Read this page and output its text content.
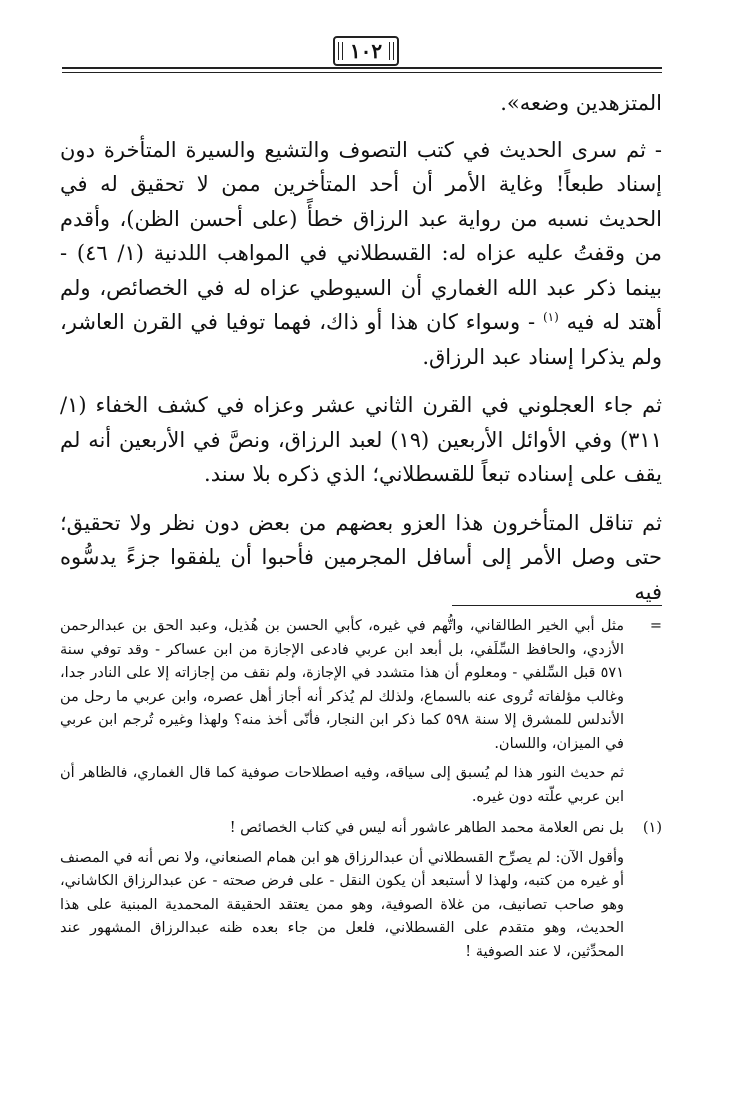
١٠٢

المتزهدين وضعه».

- ثم سرى الحديث في كتب التصوف والتشيع والسيرة المتأخرة دون إسناد طبعاً! وغاية الأمر أن أحد المتأخرين ممن لا تحقيق له في الحديث نسبه من رواية عبد الرزاق خطأً (على أحسن الظن)، وأقدم من وقفتُ عليه عزاه له: القسطلاني في المواهب اللدنية (١/ ٤٦) - بينما ذكر عبد الله الغماري أن السيوطي عزاه له في الخصائص، ولم أهتد له فيه $^{(١)}$ - وسواء كان هذا أو ذاك، فهما توفيا في القرن العاشر، ولم يذكرا إسناد عبد الرزاق.

ثم جاء العجلوني في القرن الثاني عشر وعزاه في كشف الخفاء (١/ ٣١١) وفي الأوائل الأربعين (١٩) لعبد الرزاق، ونصَّ في الأربعين أنه لم يقف على إسناده تبعاً للقسطلاني؛ الذي ذكره بلا سند.

ثم تناقل المتأخرون هذا العزو بعضهم من بعض دون نظر ولا تحقيق؛ حتى وصل الأمر إلى أسافل المجرمين فأحبوا أن يلفقوا جزءً يدسُّوه فيه

=

مثل أبي الخير الطالقاني، واتُّهم في غيره، كأبي الحسن بن هُذيل، وعبد الحق بن عبدالرحمن الأزدي، والحافظ السِّلَفي، بل أبعد ابن عربي فادعى الإجازة من ابن عساكر - وقد توفي سنة ٥٧١ قبل السِّلفي - ومعلوم أن هذا متشدد في الإجازة، ولم نقف من إجازاته إلا على النادر جدا، وغالب مؤلفاته تُروى عنه بالسماع، ولذلك لم يُذكر أنه أجاز أهل عصره، وابن عربي ما رحل من الأندلس للمشرق إلا سنة ٥٩٨ كما ذكر ابن النجار، فأنّى أخذ منه؟ ولهذا وغيره تُرجم ابن عربي في الميزان، واللسان.

ثم حديث النور هذا لم يُسبق إلى سياقه، وفيه اصطلاحات صوفية كما قال الغماري، فالظاهر أن ابن عربي علّته دون غيره.

(١)

بل نص العلامة محمد الطاهر عاشور أنه ليس في كتاب الخصائص !

وأقول الآن: لم يصرِّح القسطلاني أن عبدالرزاق هو ابن همام الصنعاني، ولا نص أنه في المصنف أو غيره من كتبه، ولهذا لا أستبعد أن يكون النقل - على فرض صحته - عن عبدالرزاق الكاشاني، وهو صاحب تصانيف، من غلاة الصوفية، وهو ممن يعتقد الحقيقة المحمدية المبنية على هذا الحديث، وهو متقدم على القسطلاني، فلعل من جاء بعده ظنه عبدالرزاق المشهور عند المحدِّثين، لا عند الصوفية !
